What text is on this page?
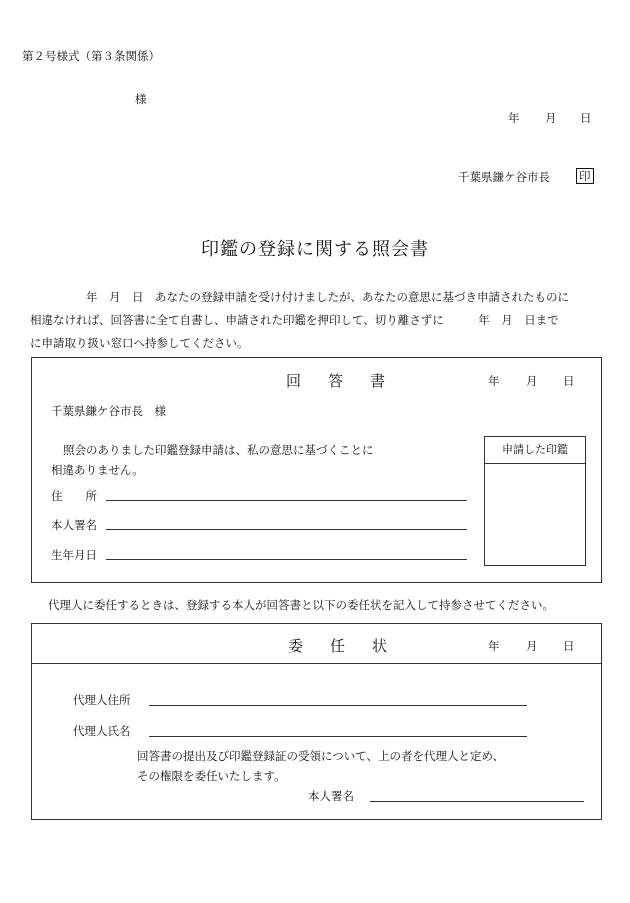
第２号様式（第３条関係）
様
年 月 日
千葉県鎌ケ谷市長	印
印鑑の登録に関する照会書
年　月　日　あなたの登録申請を受け付けましたが、あなたの意思に基づき申請されたものに
相違なければ、回答書に全て自書し、申請された印鑑を押印して、切り離さずに　　　年　月　日まで
に申請取り扱い窓口へ持参してください。
回　答　書	年 月 日
千葉県鎌ケ谷市長　様
照会のありました印鑑登録申請は、私の意思に基づくことに
相違ありません。
住　　所
本人署名
生年月日
申請した印鑑
代理人に委任するときは、登録する本人が回答書と以下の委任状を記入して持参させてください。
委　任　状	年 月 日
代理人住所
代理人氏名
回答書の提出及び印鑑登録証の受領について、上の者を代理人と定め、
その権限を委任いたします。
本人署名
